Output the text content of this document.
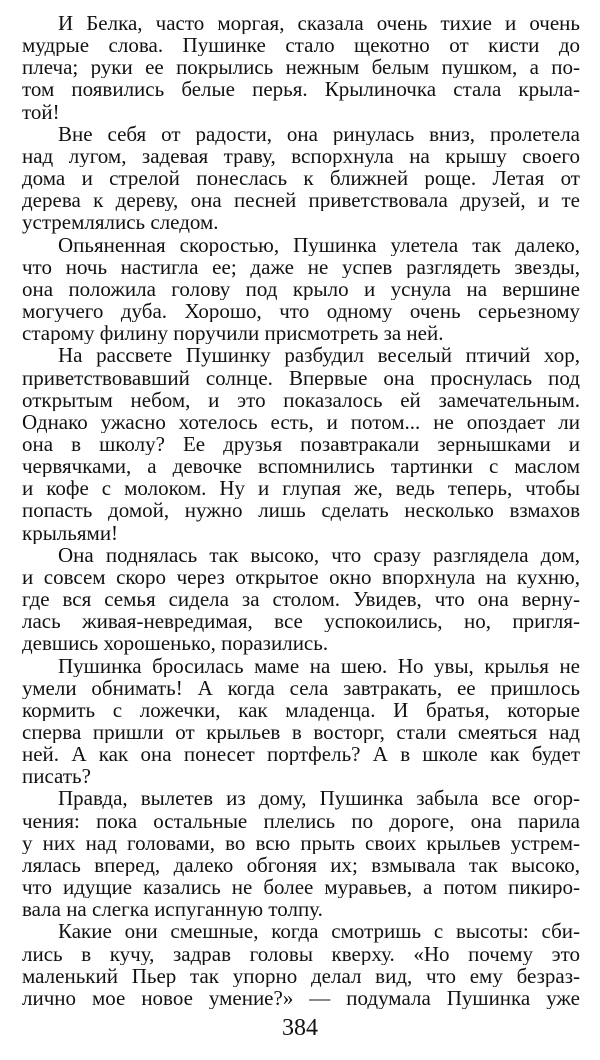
И Белка, часто моргая, сказала очень тихие и очень
мудрые слова. Пушинке стало щекотно от кисти до
плеча; руки ее покрылись нежным белым пушком, а по-
том появились белые перья. Крылиночка стала крыла-
той!
Вне себя от радости, она ринулась вниз, пролетела
над лугом, задевая траву, вспорхнула на крышу своего
дома и стрелой понеслась к ближней роще. Летая от
дерева к дереву, она песней приветствовала друзей, и те
устремлялись следом.
Опьяненная скоростью, Пушинка улетела так далеко,
что ночь настигла ее; даже не успев разглядеть звезды,
она положила голову под крыло и уснула на вершине
могучего дуба. Хорошо, что одному очень серьезному
старому филину поручили присмотреть за ней.
На рассвете Пушинку разбудил веселый птичий хор,
приветствовавший солнце. Впервые она проснулась под
открытым небом, и это показалось ей замечательным.
Однако ужасно хотелось есть, и потом... не опоздает ли
она в школу? Ее друзья позавтракали зернышками и
червячками, а девочке вспомнились тартинки с маслом
и кофе с молоком. Ну и глупая же, ведь теперь, чтобы
попасть домой, нужно лишь сделать несколько взмахов
крыльями!
Она поднялась так высоко, что сразу разглядела дом,
и совсем скоро через открытое окно впорхнула на кухню,
где вся семья сидела за столом. Увидев, что она верну-
лась живая-невредимая, все успокоились, но, пригля-
девшись хорошенько, поразились.
Пушинка бросилась маме на шею. Но увы, крылья не
умели обнимать! А когда села завтракать, ее пришлось
кормить с ложечки, как младенца. И братья, которые
сперва пришли от крыльев в восторг, стали смеяться над
ней. А как она понесет портфель? А в школе как будет
писать?
Правда, вылетев из дому, Пушинка забыла все огор-
чения: пока остальные плелись по дороге, она парила
у них над головами, во всю прыть своих крыльев устрем-
лялась вперед, далеко обгоняя их; взмывала так высоко,
что идущие казались не более муравьев, а потом пикиро-
вала на слегка испуганную толпу.
Какие они смешные, когда смотришь с высоты: сби-
лись в кучу, задрав головы кверху. «Но почему это
маленький Пьер так упорно делал вид, что ему безраз-
лично мое новое умение?» — подумала Пушинка уже
384
